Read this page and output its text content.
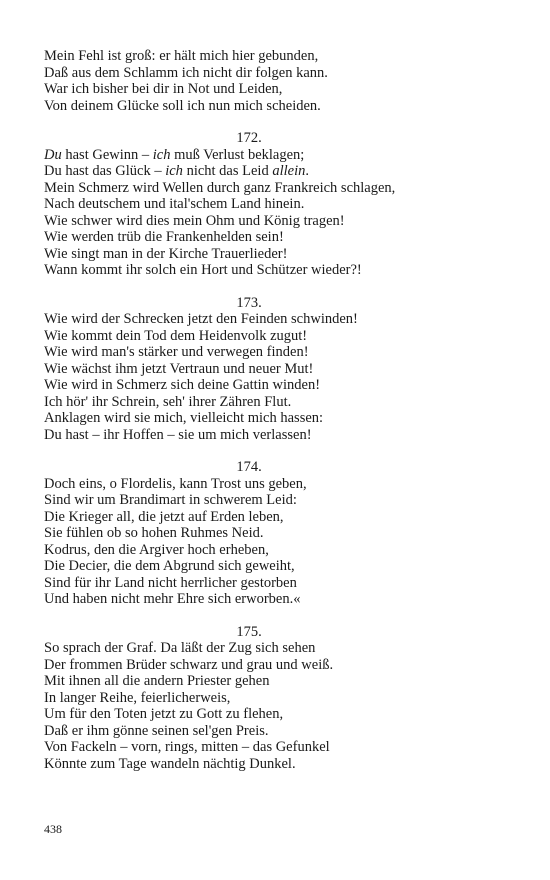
Mein Fehl ist groß: er hält mich hier gebunden,
Daß aus dem Schlamm ich nicht dir folgen kann.
War ich bisher bei dir in Not und Leiden,
Von deinem Glücke soll ich nun mich scheiden.
172.
Du hast Gewinn – ich muß Verlust beklagen;
Du hast das Glück – ich nicht das Leid allein.
Mein Schmerz wird Wellen durch ganz Frankreich schlagen,
Nach deutschem und ital'schem Land hinein.
Wie schwer wird dies mein Ohm und König tragen!
Wie werden trüb die Frankenhelden sein!
Wie singt man in der Kirche Trauerlieder!
Wann kommt ihr solch ein Hort und Schützer wieder?!
173.
Wie wird der Schrecken jetzt den Feinden schwinden!
Wie kommt dein Tod dem Heidenvolk zugut!
Wie wird man's stärker und verwegen finden!
Wie wächst ihm jetzt Vertraun und neuer Mut!
Wie wird in Schmerz sich deine Gattin winden!
Ich hör' ihr Schrein, seh' ihrer Zähren Flut.
Anklagen wird sie mich, vielleicht mich hassen:
Du hast – ihr Hoffen – sie um mich verlassen!
174.
Doch eins, o Flordelis, kann Trost uns geben,
Sind wir um Brandimart in schwerem Leid:
Die Krieger all, die jetzt auf Erden leben,
Sie fühlen ob so hohen Ruhmes Neid.
Kodrus, den die Argiver hoch erheben,
Die Decier, die dem Abgrund sich geweiht,
Sind für ihr Land nicht herrlicher gestorben
Und haben nicht mehr Ehre sich erworben.«
175.
So sprach der Graf. Da läßt der Zug sich sehen
Der frommen Brüder schwarz und grau und weiß.
Mit ihnen all die andern Priester gehen
In langer Reihe, feierlicherweis,
Um für den Toten jetzt zu Gott zu flehen,
Daß er ihm gönne seinen sel'gen Preis.
Von Fackeln – vorn, rings, mitten – das Gefunkel
Könnte zum Tage wandeln nächtig Dunkel.
438
